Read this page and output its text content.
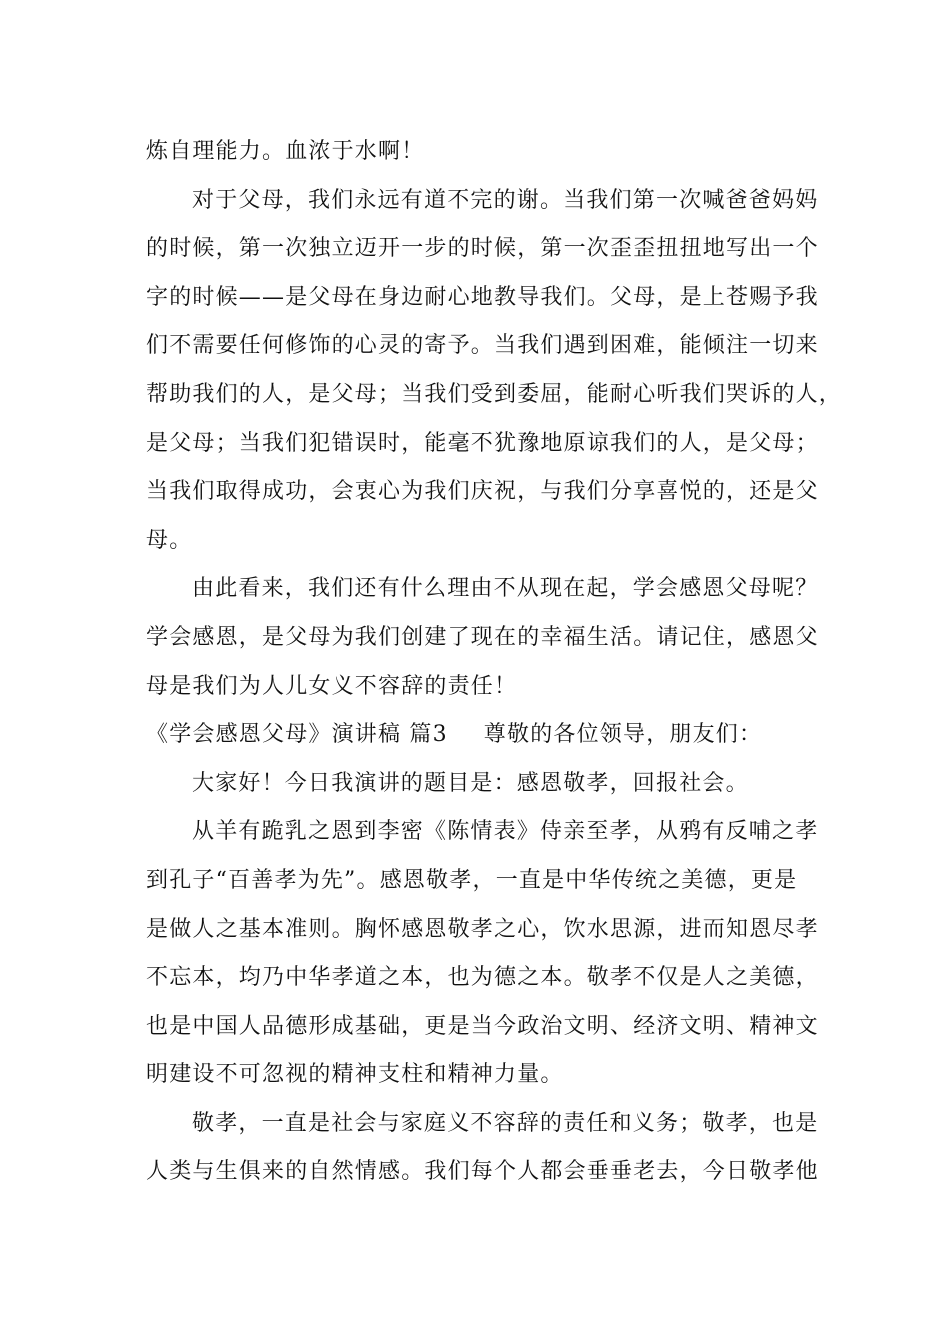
炼自理能力。血浓于水啊！
对于父母，我们永远有道不完的谢。当我们第一次喊爸爸妈妈
的时候，第一次独立迈开一步的时候，第一次歪歪扭扭地写出一个
字的时候——是父母在身边耐心地教导我们。父母，是上苍赐予我
们不需要任何修饰的心灵的寄予。当我们遇到困难，能倾注一切来
帮助我们的人，是父母；当我们受到委屈，能耐心听我们哭诉的人，
是父母；当我们犯错误时，能毫不犹豫地原谅我们的人，是父母；
当我们取得成功，会衷心为我们庆祝，与我们分享喜悦的，还是父
母。
由此看来，我们还有什么理由不从现在起，学会感恩父母呢？
学会感恩，是父母为我们创建了现在的幸福生活。请记住，感恩父
母是我们为人儿女义不容辞的责任！
《学会感恩父母》演讲稿 篇3 尊敬的各位领导，朋友们：
大家好！今日我演讲的题目是：感恩敬孝，回报社会。
从羊有跪乳之恩到李密《陈情表》侍亲至孝，从鸦有反哺之孝
到孔子“百善孝为先”。感恩敬孝，一直是中华传统之美德，更是
是做人之基本准则。胸怀感恩敬孝之心，饮水思源，进而知恩尽孝
不忘本，均乃中华孝道之本，也为德之本。敬孝不仅是人之美德，
也是中国人品德形成基础，更是当今政治文明、经济文明、精神文
明建设不可忽视的精神支柱和精神力量。
敬孝，一直是社会与家庭义不容辞的责任和义务；敬孝，也是
人类与生俱来的自然情感。我们每个人都会垂垂老去，今日敬孝他
